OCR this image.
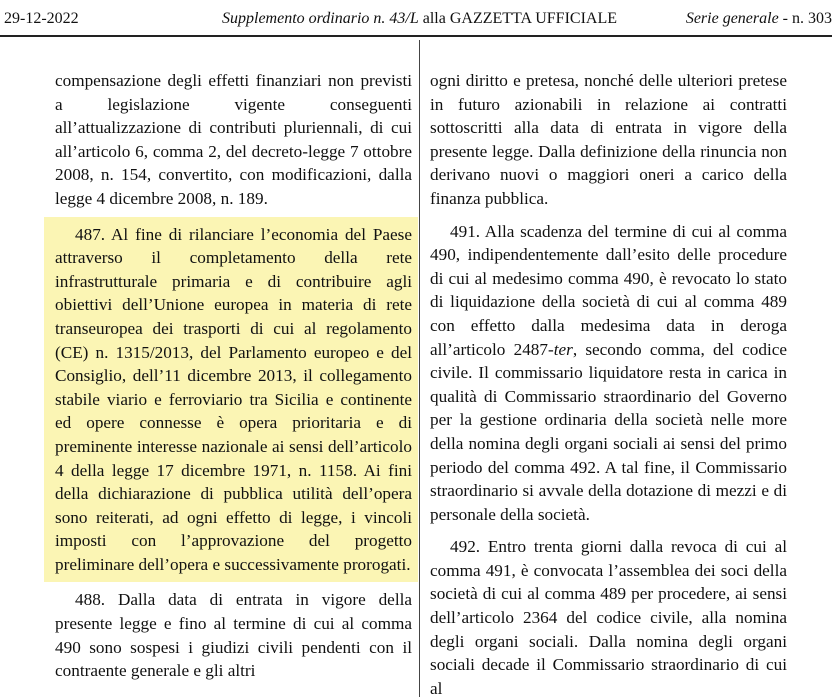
29-12-2022	Supplemento ordinario n. 43/L alla GAZZETTA UFFICIALE	Serie generale - n. 303

compensazione degli effetti finanziari non previsti a legislazione vigente conseguenti all’attualizzazione di contributi pluriennali, di cui all’articolo 6, comma 2, del decreto-legge 7 ottobre 2008, n. 154, convertito, con modificazioni, dalla legge 4 dicembre 2008, n. 189.

487. Al fine di rilanciare l’economia del Paese attraverso il completamento della rete infrastrutturale primaria e di contribuire agli obiettivi dell’Unione europea in materia di rete transeuropea dei trasporti di cui al regolamento (CE) n. 1315/2013, del Parlamento europeo e del Consiglio, dell’11 dicembre 2013, il collegamento stabile viario e ferroviario tra Sicilia e continente ed opere connesse è opera prioritaria e di preminente interesse nazionale ai sensi dell’articolo 4 della legge 17 dicembre 1971, n. 1158. Ai fini della dichiarazione di pubblica utilità dell’opera sono reiterati, ad ogni effetto di legge, i vincoli imposti con l’approvazione del progetto preliminare dell’opera e successivamente prorogati.

488. Dalla data di entrata in vigore della presente legge e fino al termine di cui al comma 490 sono sospesi i giudizi civili pendenti con il contraente generale e gli altri

ogni diritto e pretesa, nonché delle ulteriori pretese in futuro azionabili in relazione ai contratti sottoscritti alla data di entrata in vigore della presente legge. Dalla definizione della rinuncia non derivano nuovi o maggiori oneri a carico della finanza pubblica.

491. Alla scadenza del termine di cui al comma 490, indipendentemente dall’esito delle procedure di cui al medesimo comma 490, è revocato lo stato di liquidazione della società di cui al comma 489 con effetto dalla medesima data in deroga all’articolo 2487-ter, secondo comma, del codice civile. Il commissario liquidatore resta in carica in qualità di Commissario straordinario del Governo per la gestione ordinaria della società nelle more della nomina degli organi sociali ai sensi del primo periodo del comma 492. A tal fine, il Commissario straordinario si avvale della dotazione di mezzi e di personale della società.

492. Entro trenta giorni dalla revoca di cui al comma 491, è convocata l’assemblea dei soci della società di cui al comma 489 per procedere, ai sensi dell’articolo 2364 del codice civile, alla nomina degli organi sociali. Dalla nomina degli organi sociali decade il Commissario straordinario di cui al
